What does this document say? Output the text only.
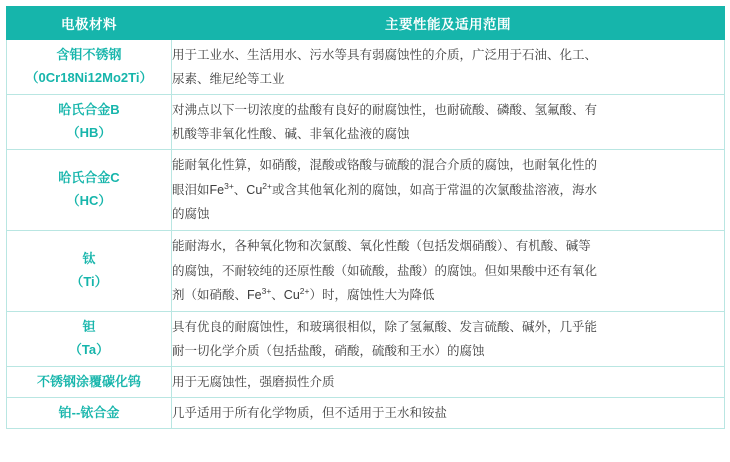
电极材料	主要性能及适用范围

含钼不锈钢
（0Cr18Ni12Mo2Ti）	用于工业水、生活用水、污水等具有弱腐蚀性的介质，广泛用于石油、化工、
尿素、维尼纶等工业

哈氏合金B
（HB）	对沸点以下一切浓度的盐酸有良好的耐腐蚀性，也耐硫酸、磷酸、氢氟酸、有
机酸等非氧化性酸、碱、非氧化盐液的腐蚀

哈氏合金C
（HC）	能耐氧化性算，如硝酸，混酸或铬酸与硫酸的混合介质的腐蚀，也耐氧化性的
眼泪如$Fe^{3+}$、$Cu^{2+}$或含其他氧化剂的腐蚀，如高于常温的次氯酸盐溶液，海水
的腐蚀

钛
（Ti）	能耐海水，各种氧化物和次氯酸、氧化性酸（包括发烟硝酸）、有机酸、碱等
的腐蚀，不耐较纯的还原性酸（如硫酸，盐酸）的腐蚀。但如果酸中还有氧化
剂（如硝酸、$Fe^{3+}$、$Cu^{2+}$）时，腐蚀性大为降低

钽
（Ta）	具有优良的耐腐蚀性，和玻璃很相似，除了氢氟酸、发言硫酸、碱外，几乎能
耐一切化学介质（包括盐酸，硝酸，硫酸和王水）的腐蚀

不锈钢涂覆碳化钨	用于无腐蚀性，强磨损性介质

铂--铱合金	几乎适用于所有化学物质，但不适用于王水和铵盐
